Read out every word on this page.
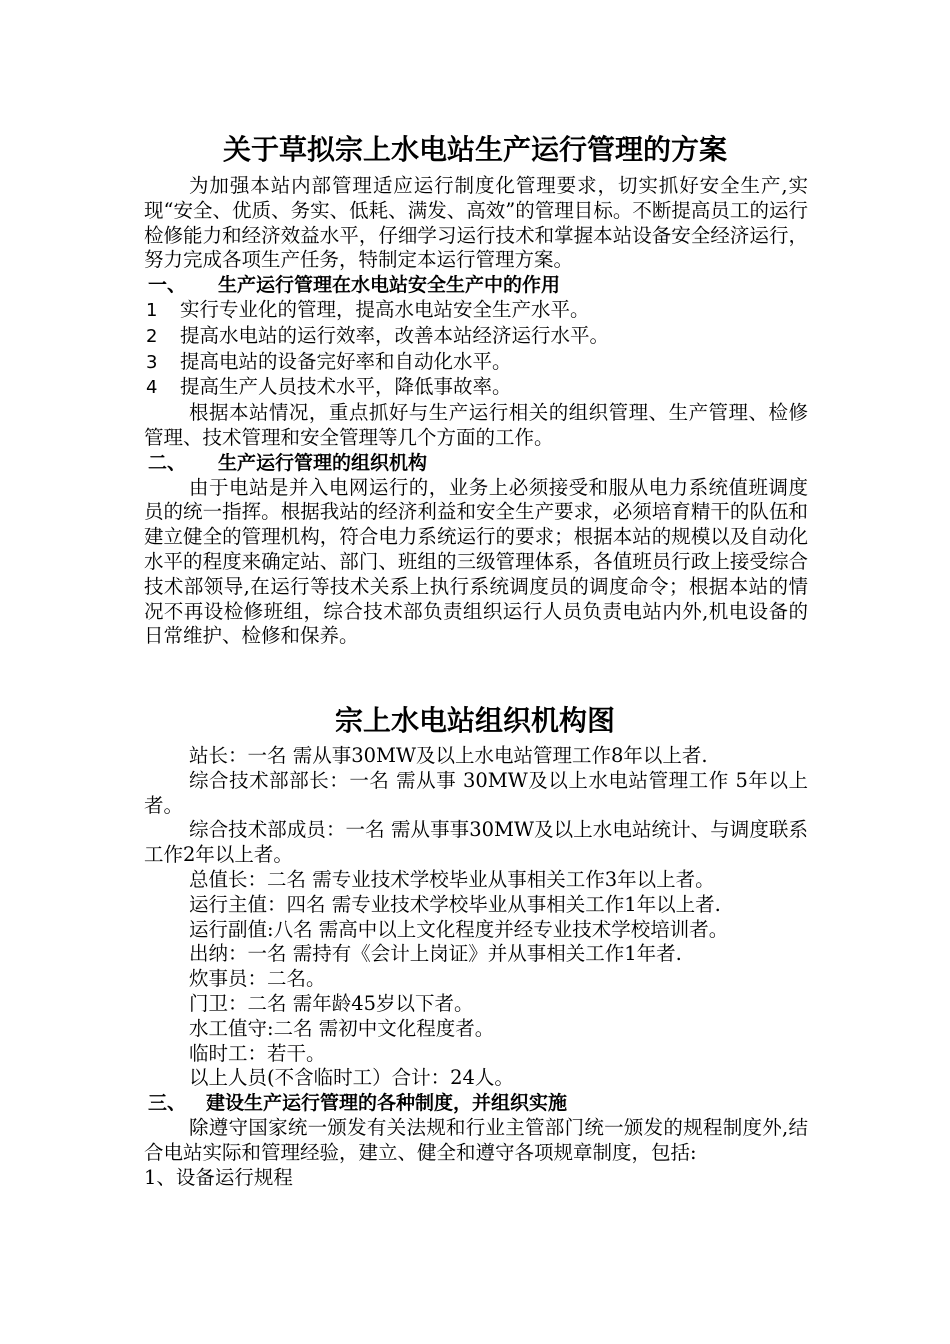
关于草拟宗上水电站生产运行管理的方案

为加强本站内部管理适应运行制度化管理要求，切实抓好安全生产,实现“安全、优质、务实、低耗、满发、高效”的管理目标。不断提高员工的运行检修能力和经济效益水平，仔细学习运行技术和掌握本站设备安全经济运行，努力完成各项生产任务，特制定本运行管理方案。

一、 生产运行管理在水电站安全生产中的作用

1 实行专业化的管理，提高水电站安全生产水平。

2 提高水电站的运行效率，改善本站经济运行水平。

3 提高电站的设备完好率和自动化水平。

4 提高生产人员技术水平，降低事故率。

根据本站情况，重点抓好与生产运行相关的组织管理、生产管理、检修管理、技术管理和安全管理等几个方面的工作。

二、 生产运行管理的组织机构

由于电站是并入电网运行的，业务上必须接受和服从电力系统值班调度员的统一指挥。根据我站的经济利益和安全生产要求，必须培育精干的队伍和建立健全的管理机构，符合电力系统运行的要求；根据本站的规模以及自动化水平的程度来确定站、部门、班组的三级管理体系，各值班员行政上接受综合技术部领导,在运行等技术关系上执行系统调度员的调度命令；根据本站的情况不再设检修班组，综合技术部负责组织运行人员负责电站内外,机电设备的日常维护、检修和保养。

宗上水电站组织机构图

站长：一名 需从事30MW及以上水电站管理工作8年以上者.

综合技术部部长：一名 需从事 30MW及以上水电站管理工作 5年以上者。

综合技术部成员：一名 需从事事30MW及以上水电站统计、与调度联系工作2年以上者。

总值长：二名 需专业技术学校毕业从事相关工作3年以上者。

运行主值：四名 需专业技术学校毕业从事相关工作1年以上者.

运行副值:八名 需高中以上文化程度并经专业技术学校培训者。

出纳：一名 需持有《会计上岗证》并从事相关工作1年者.

炊事员：二名。

门卫：二名 需年龄45岁以下者。

水工值守:二名 需初中文化程度者。

临时工：若干。

以上人员(不含临时工）合计：24人。

三、 建设生产运行管理的各种制度，并组织实施

除遵守国家统一颁发有关法规和行业主管部门统一颁发的规程制度外,结合电站实际和管理经验，建立、健全和遵守各项规章制度，包括:

1、设备运行规程
